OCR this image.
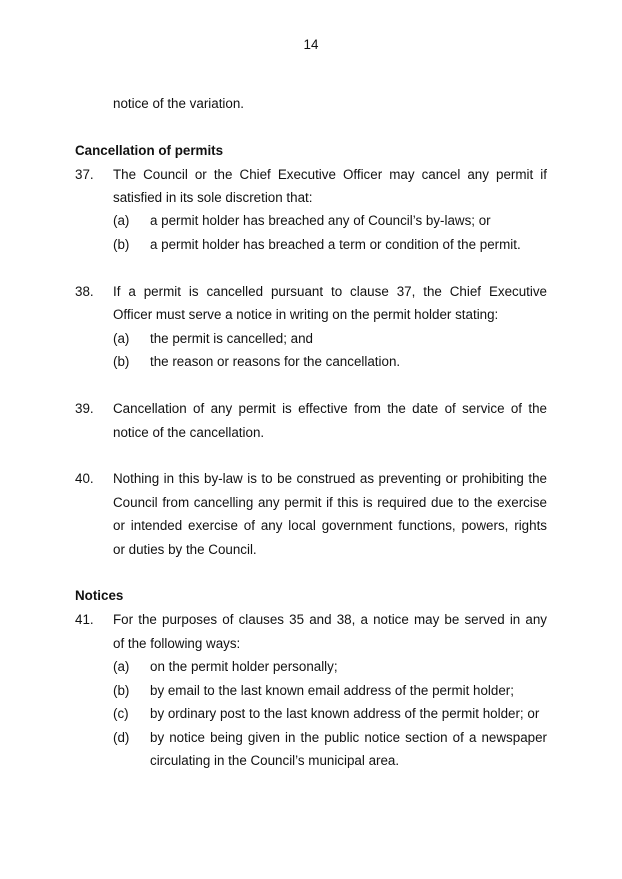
14
notice of the variation.
Cancellation of permits
37. The Council or the Chief Executive Officer may cancel any permit if
satisfied in its sole discretion that:
(a) a permit holder has breached any of Council’s by-laws; or
(b) a permit holder has breached a term or condition of the permit.
38. If a permit is cancelled pursuant to clause 37, the Chief Executive
Officer must serve a notice in writing on the permit holder stating:
(a) the permit is cancelled; and
(b) the reason or reasons for the cancellation.
39. Cancellation of any permit is effective from the date of service of the
notice of the cancellation.
40. Nothing in this by-law is to be construed as preventing or prohibiting the
Council from cancelling any permit if this is required due to the exercise
or intended exercise of any local government functions, powers, rights
or duties by the Council.
Notices
41. For the purposes of clauses 35 and 38, a notice may be served in any
of the following ways:
(a) on the permit holder personally;
(b) by email to the last known email address of the permit holder;
(c) by ordinary post to the last known address of the permit holder; or
(d) by notice being given in the public notice section of a newspaper
circulating in the Council’s municipal area.
